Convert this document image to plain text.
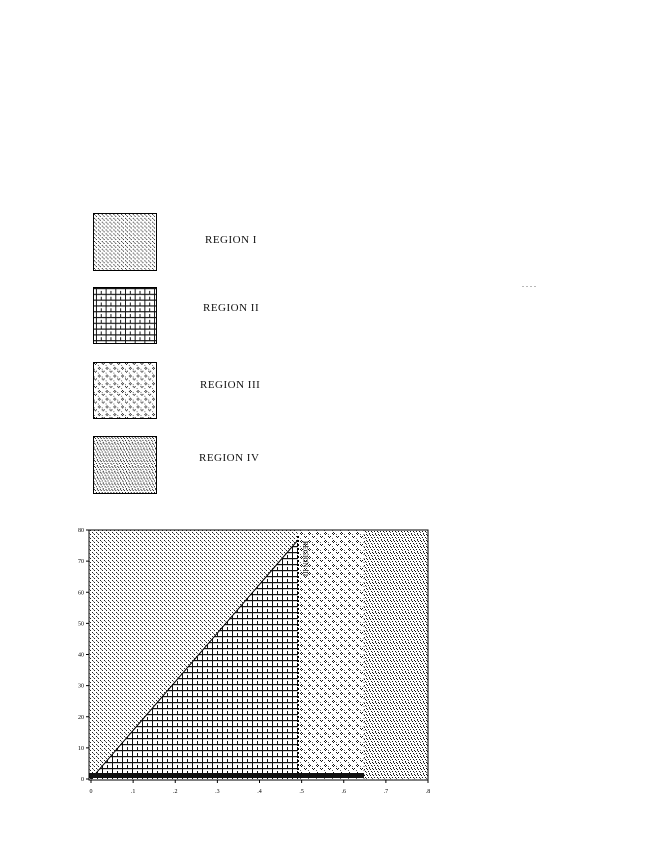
REGION I
REGION II
REGION III
REGION IV
....
REGION III
0	.1	.2	.3	.4	.5	.6	.7	.8
0
10
20
30
40
50
60
70
80
